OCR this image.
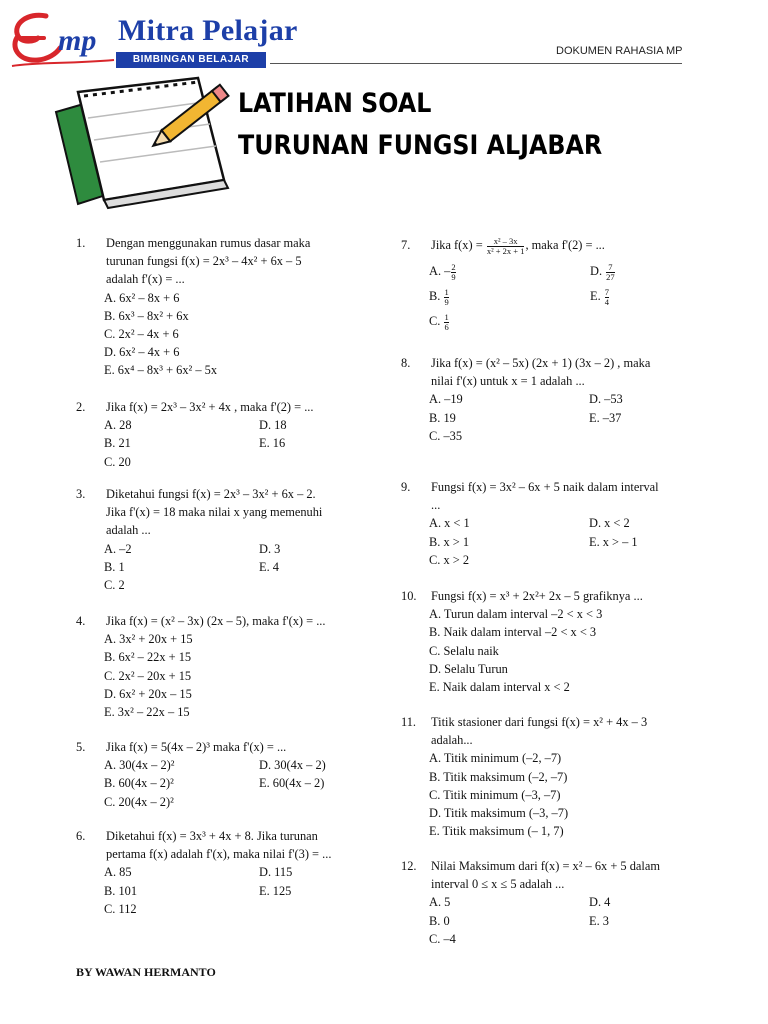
mp Mitra Pelajar
BIMBINGAN BELAJAR
DOKUMEN RAHASIA MP
LATIHAN SOAL
TURUNAN FUNGSI ALJABAR
1. Dengan menggunakan rumus dasar maka
turunan fungsi f(x) = 2x³ – 4x² + 6x – 5
adalah f'(x) = ...
A. 6x² – 8x + 6
B. 6x³ – 8x² + 6x
C. 2x² – 4x + 6
D. 6x² – 4x + 6
E. 6x⁴ – 8x³ + 6x² – 5x
2. Jika f(x) = 2x³ – 3x² + 4x , maka f'(2) = ...
A. 28	D. 18
B. 21	E. 16
C. 20
3. Diketahui fungsi f(x) = 2x³ – 3x² + 6x – 2.
Jika f'(x) = 18 maka nilai x yang memenuhi
adalah ...
A. –2	D. 3
B. 1	E. 4
C. 2
4. Jika f(x) = (x² – 3x) (2x – 5), maka f'(x) = ...
A. 3x² + 20x + 15
B. 6x² – 22x + 15
C. 2x² – 20x + 15
D. 6x² + 20x – 15
E. 3x² – 22x – 15
5. Jika f(x) = 5(4x – 2)³ maka f'(x) = ...
A. 30(4x – 2)²	D. 30(4x – 2)
B. 60(4x – 2)²	E. 60(4x – 2)
C. 20(4x – 2)²
6. Diketahui f(x) = 3x³ + 4x + 8. Jika turunan
pertama f(x) adalah f'(x), maka nilai f'(3) = ...
A. 85	D. 115
B. 101	E. 125
C. 112
7. Jika $f(x) = \frac{\text{x² – 3x}}{\text{x² + 2x + 1}}$ , maka f'(2) = ...
A. – $\frac{2}{9}$	D. $\frac{7}{27}$
B. $\frac{1}{9}$	E. $\frac{7}{4}$
C. $\frac{1}{6}$
8. Jika f(x) = (x² – 5x) (2x + 1) (3x – 2) , maka
nilai f'(x) untuk x = 1 adalah ...
A. –19	D. –53
B. 19	E. –37
C. –35
9. Fungsi f(x) = 3x² – 6x + 5 naik dalam interval
...
A. x < 1	D. x < 2
B. x > 1	E. x > – 1
C. x > 2
10. Fungsi f(x) = x³ + 2x²+ 2x – 5 grafiknya ...
A. Turun dalam interval –2 < x < 3
B. Naik dalam interval –2 < x < 3
C. Selalu naik
D. Selalu Turun
E. Naik dalam interval x < 2
11. Titik stasioner dari fungsi f(x) = x² + 4x – 3
adalah...
A. Titik minimum (–2, –7)
B. Titik maksimum (–2, –7)
C. Titik minimum (–3, –7)
D. Titik maksimum (–3, –7)
E. Titik maksimum (– 1, 7)
12. Nilai Maksimum dari f(x) = x² – 6x + 5 dalam
interval 0 ≤ x ≤ 5 adalah ...
A. 5	D. 4
B. 0	E. 3
C. –4
BY WAWAN HERMANTO
